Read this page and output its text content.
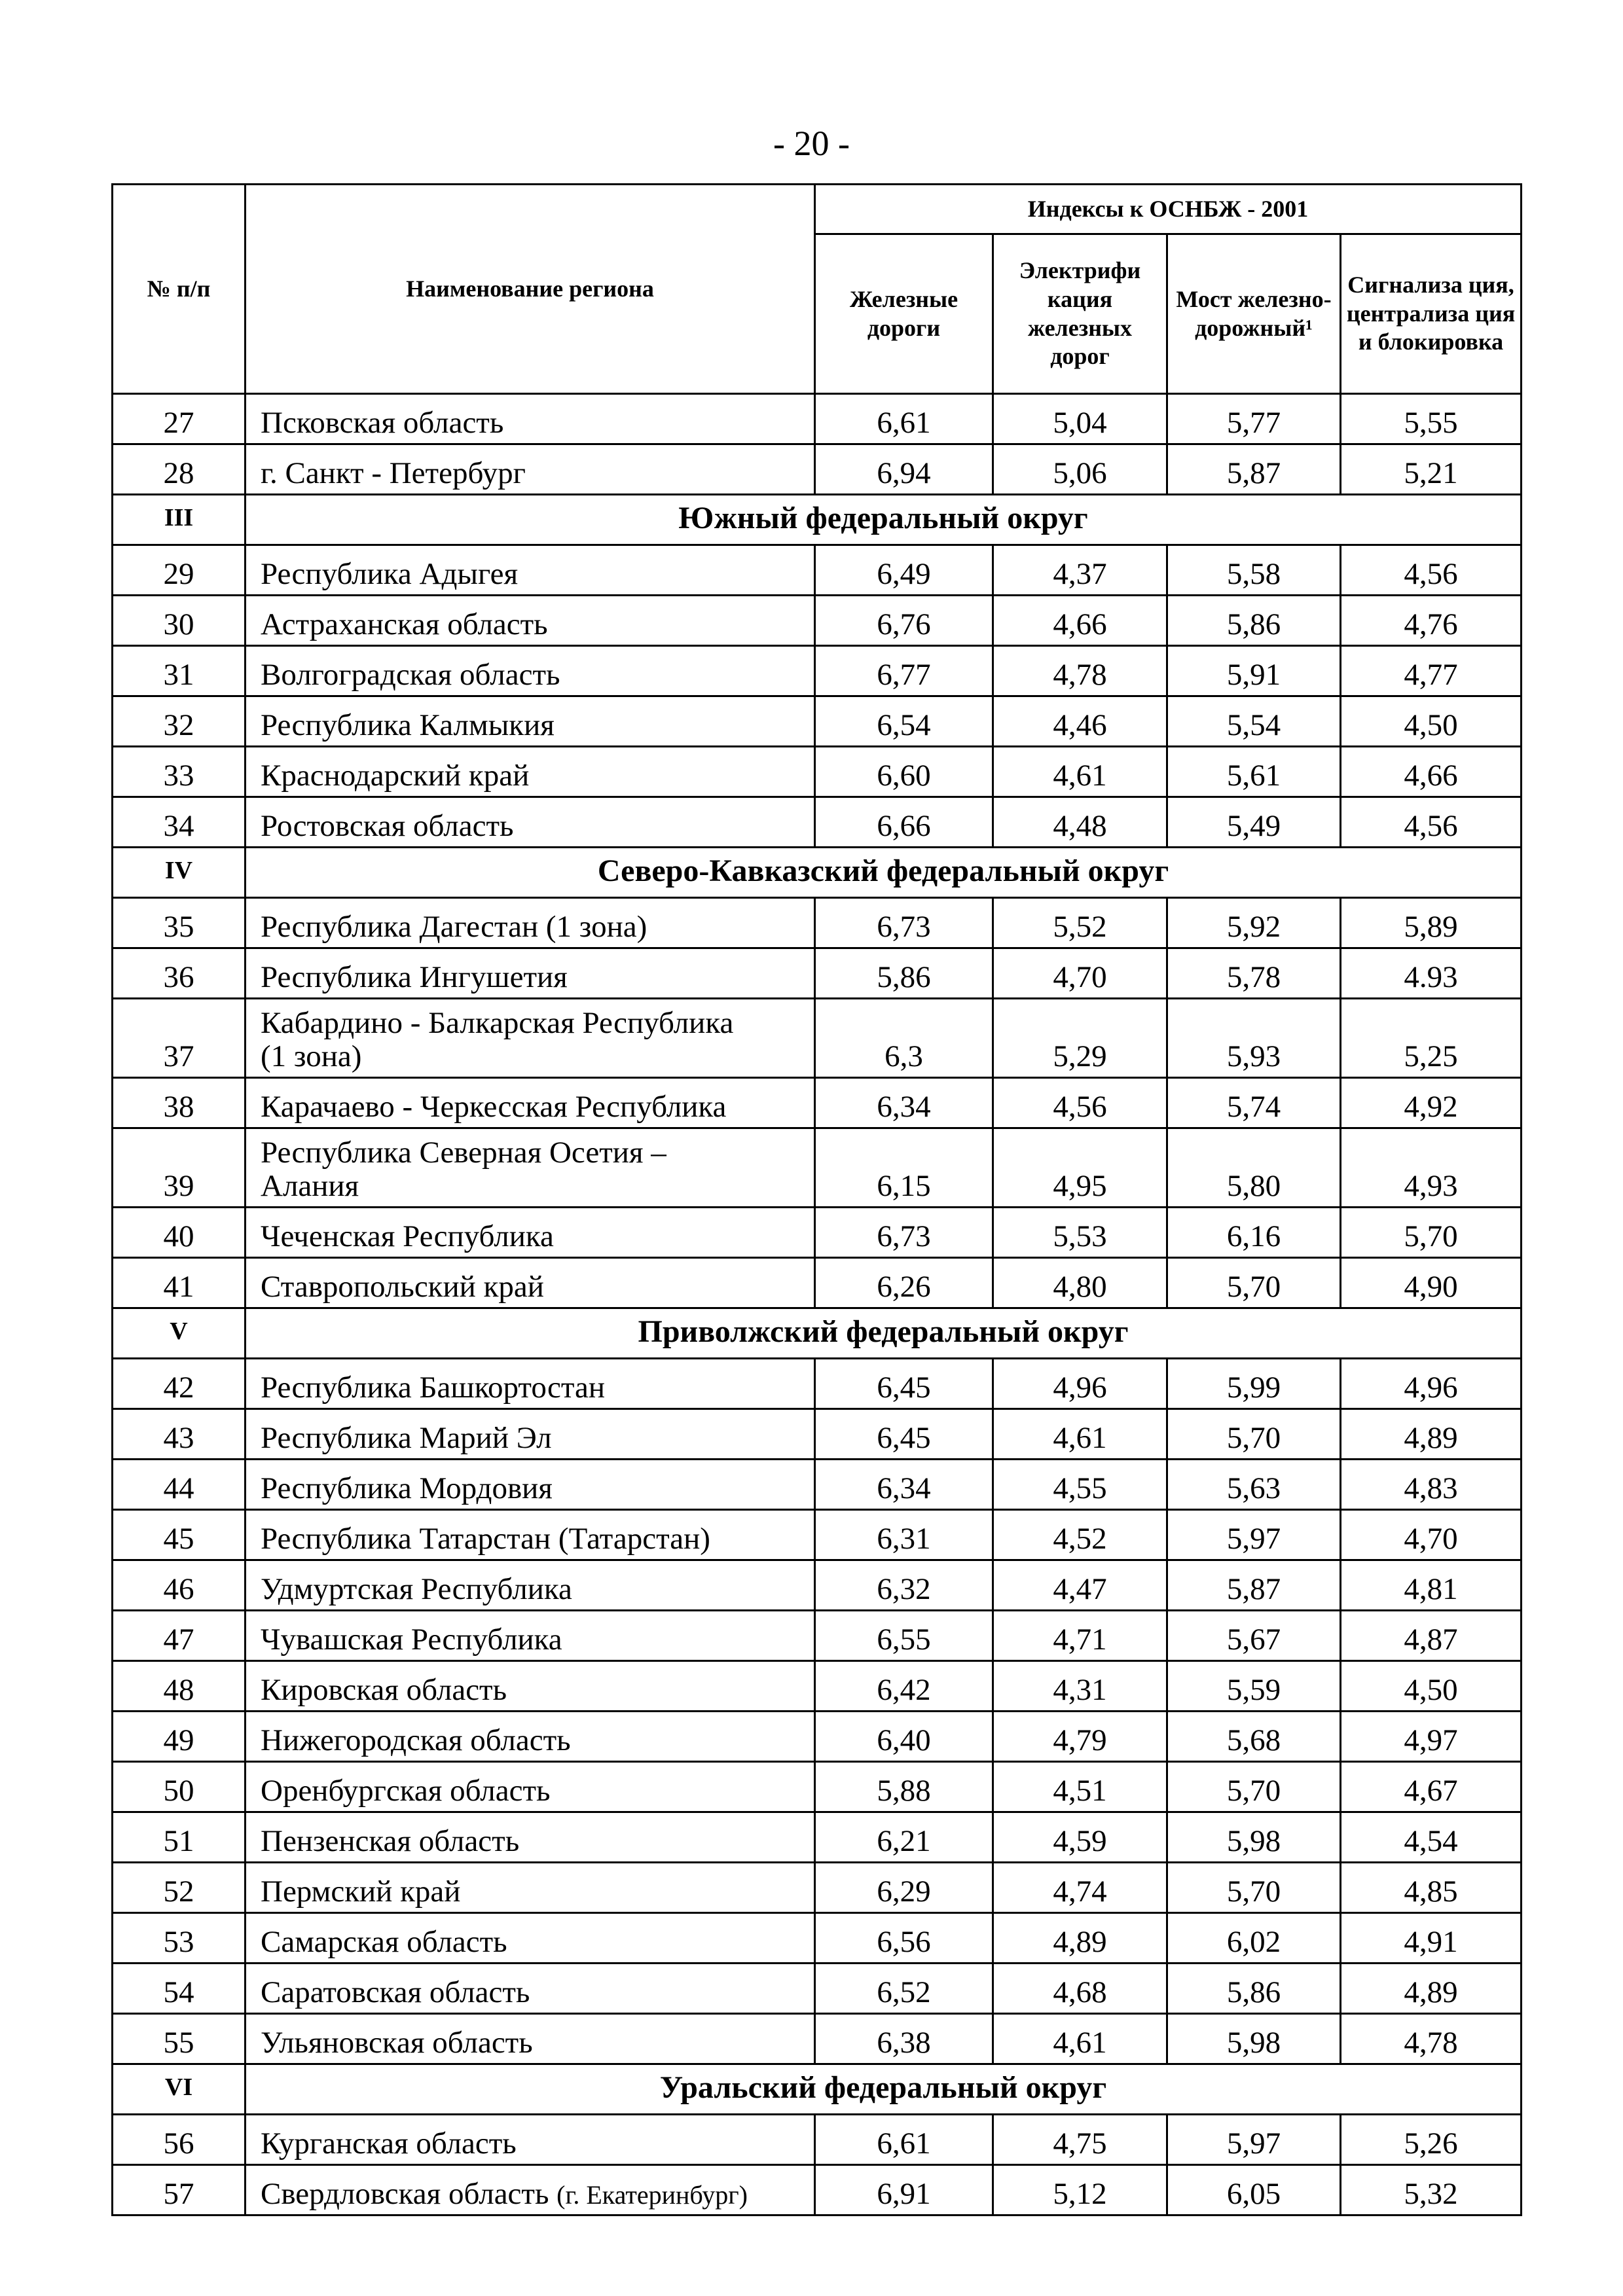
- 20 -
№ п/п	Наименование региона	Индексы к ОСНБЖ - 2001			
		Железные дороги	Электрифи кация железных дорог	Мост железно-дорожный¹	Сигнализа ция, централиза ция и блокировка
27	Псковская область	6,61	5,04	5,77	5,55
28	г. Санкт - Петербург	6,94	5,06	5,87	5,21
III	Южный федеральный округ				
29	Республика Адыгея	6,49	4,37	5,58	4,56
30	Астраханская область	6,76	4,66	5,86	4,76
31	Волгоградская область	6,77	4,78	5,91	4,77
32	Республика Калмыкия	6,54	4,46	5,54	4,50
33	Краснодарский край	6,60	4,61	5,61	4,66
34	Ростовская область	6,66	4,48	5,49	4,56
IV	Северо-Кавказский федеральный округ				
35	Республика Дагестан (1 зона)	6,73	5,52	5,92	5,89
36	Республика Ингушетия	5,86	4,70	5,78	4.93
37	Кабардино - Балкарская Республика
(1 зона)	6,3	5,29	5,93	5,25
38	Карачаево - Черкесская Республика	6,34	4,56	5,74	4,92
39	Республика Северная Осетия –
Алания	6,15	4,95	5,80	4,93
40	Чеченская Республика	6,73	5,53	6,16	5,70
41	Ставропольский край	6,26	4,80	5,70	4,90
V	Приволжский федеральный округ				
42	Республика Башкортостан	6,45	4,96	5,99	4,96
43	Республика Марий Эл	6,45	4,61	5,70	4,89
44	Республика Мордовия	6,34	4,55	5,63	4,83
45	Республика Татарстан (Татарстан)	6,31	4,52	5,97	4,70
46	Удмуртская Республика	6,32	4,47	5,87	4,81
47	Чувашская Республика	6,55	4,71	5,67	4,87
48	Кировская область	6,42	4,31	5,59	4,50
49	Нижегородская область	6,40	4,79	5,68	4,97
50	Оренбургская область	5,88	4,51	5,70	4,67
51	Пензенская область	6,21	4,59	5,98	4,54
52	Пермский край	6,29	4,74	5,70	4,85
53	Самарская область	6,56	4,89	6,02	4,91
54	Саратовская область	6,52	4,68	5,86	4,89
55	Ульяновская область	6,38	4,61	5,98	4,78
VI	Уральский федеральный округ				
56	Курганская область	6,61	4,75	5,97	5,26
57	Свердловская область (г. Екатеринбург)	6,91	5,12	6,05	5,32
